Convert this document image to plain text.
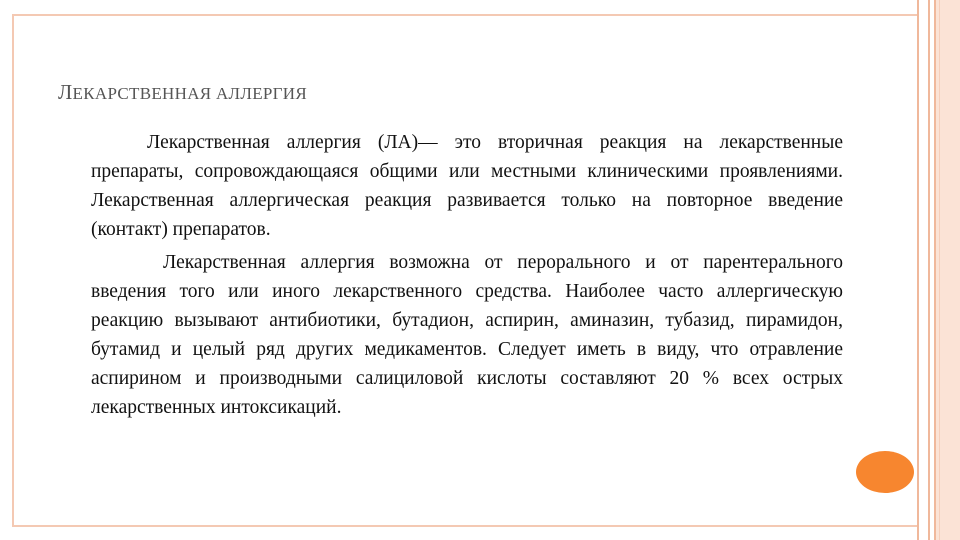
ЛЕКАРСТВЕННАЯ АЛЛЕРГИЯ

Лекарственная аллергия (ЛА)— это вторичная реакция на лекарственные препараты, сопровождающаяся общими или местными клиническими проявлениями. Лекарственная аллергическая реакция развивается только на повторное введение (контакт) препаратов.

Лекарственная аллергия возможна от перорального и от парентерального введения того или иного лекарственного средства. Наиболее часто аллергическую реакцию вызывают антибиотики, бутадион, аспирин, аминазин, тубазид, пирамидон, бутамид и целый ряд других медикаментов. Следует иметь в виду, что отравление аспирином и производными салициловой кислоты составляют 20 % всех острых лекарственных интоксикаций.
